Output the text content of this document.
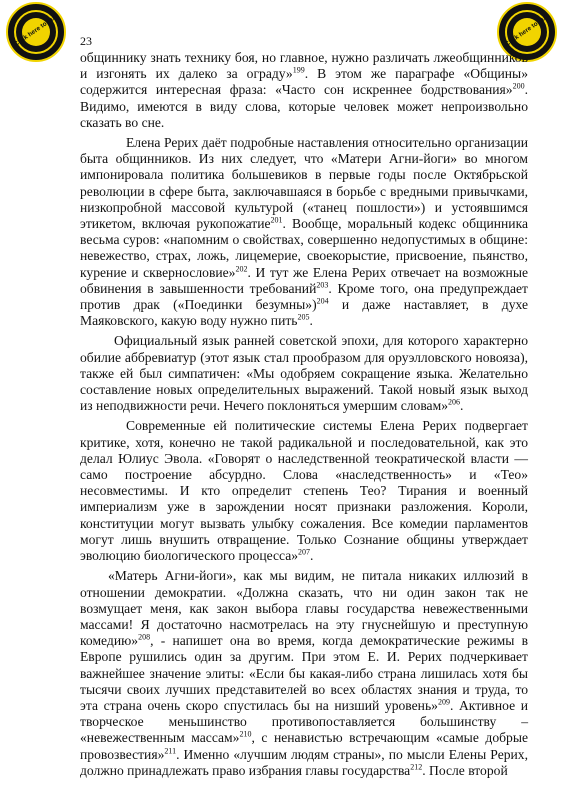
Click here to buy	Click here to buy
23

общиннику знать технику боя, но главное, нужно различать лжеобщинников и изгонять их далеко за ограду»$^{199}$. В этом же параграфе «Общины» содержится интересная фраза: «Часто сон искреннее бодрствования»$^{200}$. Видимо, имеются в виду слова, которые человек может непроизвольно сказать во сне.

Елена Рерих даёт подробные наставления относительно организации быта общинников. Из них следует, что «Матери Агни-йоги» во многом импонировала политика большевиков в первые годы после Октябрьской революции в сфере быта, заключавшаяся в борьбе с вредными привычками, низкопробной массовой культурой («танец пошлости») и устоявшимся этикетом, включая рукопожатие$^{201}$. Вообще, моральный кодекс общинника весьма суров: «напомним о свойствах, совершенно недопустимых в общине: невежество, страх, ложь, лицемерие, своекорыстие, присвоение, пьянство, курение и сквернословие»$^{202}$. И тут же Елена Рерих отвечает на возможные обвинения в завышенности требований$^{203}$. Кроме того, она предупреждает против драк («Поединки безумны»)$^{204}$ и даже наставляет, в духе Маяковского, какую воду нужно пить$^{205}$.

Официальный язык ранней советской эпохи, для которого характерно обилие аббревиатур (этот язык стал прообразом для оруэлловского новояза), также ей был симпатичен: «Мы одобряем сокращение языка. Желательно составление новых определительных выражений. Такой новый язык выход из неподвижности речи. Нечего поклоняться умершим словам»$^{206}$.

Современные ей политические системы Елена Рерих подвергает критике, хотя, конечно не такой радикальной и последовательной, как это делал Юлиус Эвола. «Говорят о наследственной теократической власти — само построение абсурдно. Слова «наследственность» и «Тео» несовместимы. И кто определит степень Тео? Тирания и военный империализм уже в зарождении носят признаки разложения. Короли, конституции могут вызвать улыбку сожаления. Все комедии парламентов могут лишь внушить отвращение. Только Сознание общины утверждает эволюцию биологического процесса»$^{207}$.

«Матерь Агни-йоги», как мы видим, не питала никаких иллюзий в отношении демократии. «Должна сказать, что ни один закон так не возмущает меня, как закон выбора главы государства невежественными массами! Я достаточно насмотрелась на эту гнуснейшую и преступную комедию»$^{208}$, - напишет она во время, когда демократические режимы в Европе рушились один за другим. При этом Е. И. Рерих подчеркивает важнейшее значение элиты: «Если бы какая-либо страна лишилась хотя бы тысячи своих лучших представителей во всех областях знания и труда, то эта страна очень скоро спустилась бы на низший уровень»$^{209}$. Активное и творческое меньшинство противопоставляется большинству – «невежественным массам»$^{210}$, с ненавистью встречающим «самые добрые провозвестия»$^{211}$. Именно «лучшим людям страны», по мысли Елены Рерих, должно принадлежать право избрания главы государства$^{212}$. После второй
